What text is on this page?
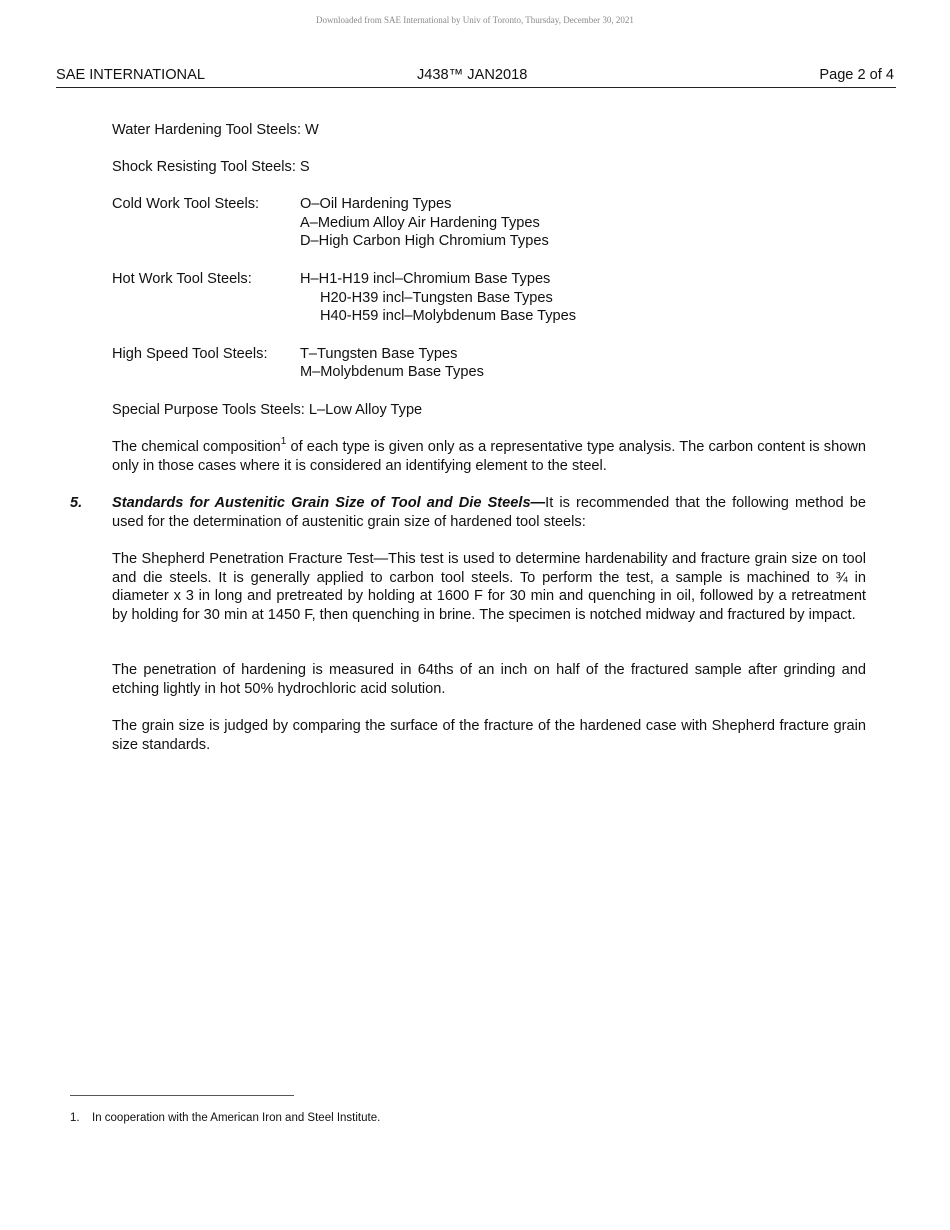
Downloaded from SAE International by Univ of Toronto, Thursday, December 30, 2021
SAE INTERNATIONAL	J438™ JAN2018	Page 2 of 4
Water Hardening Tool Steels: W
Shock Resisting Tool Steels: S
Cold Work Tool Steels:	O–Oil Hardening Types
A–Medium Alloy Air Hardening Types
D–High Carbon High Chromium Types
Hot Work Tool Steels:	H–H1-H19 incl–Chromium Base Types
H20-H39 incl–Tungsten Base Types
H40-H59 incl–Molybdenum Base Types
High Speed Tool Steels: T–Tungsten Base Types
M–Molybdenum Base Types
Special Purpose Tools Steels: L–Low Alloy Type
The chemical composition$^1$ of each type is given only as a representative type analysis. The carbon content is shown only in those cases where it is considered an identifying element to the steel.
5. Standards for Austenitic Grain Size of Tool and Die Steels—It is recommended that the following method be used for the determination of austenitic grain size of hardened tool steels:
The Shepherd Penetration Fracture Test—This test is used to determine hardenability and fracture grain size on tool and die steels. It is generally applied to carbon tool steels. To perform the test, a sample is machined to ¾ in diameter x 3 in long and pretreated by holding at 1600 F for 30 min and quenching in oil, followed by a retreatment by holding for 30 min at 1450 F, then quenching in brine. The specimen is notched midway and fractured by impact.
The penetration of hardening is measured in 64ths of an inch on half of the fractured sample after grinding and etching lightly in hot 50% hydrochloric acid solution.
The grain size is judged by comparing the surface of the fracture of the hardened case with Shepherd fracture grain size standards.
1. In cooperation with the American Iron and Steel Institute.
